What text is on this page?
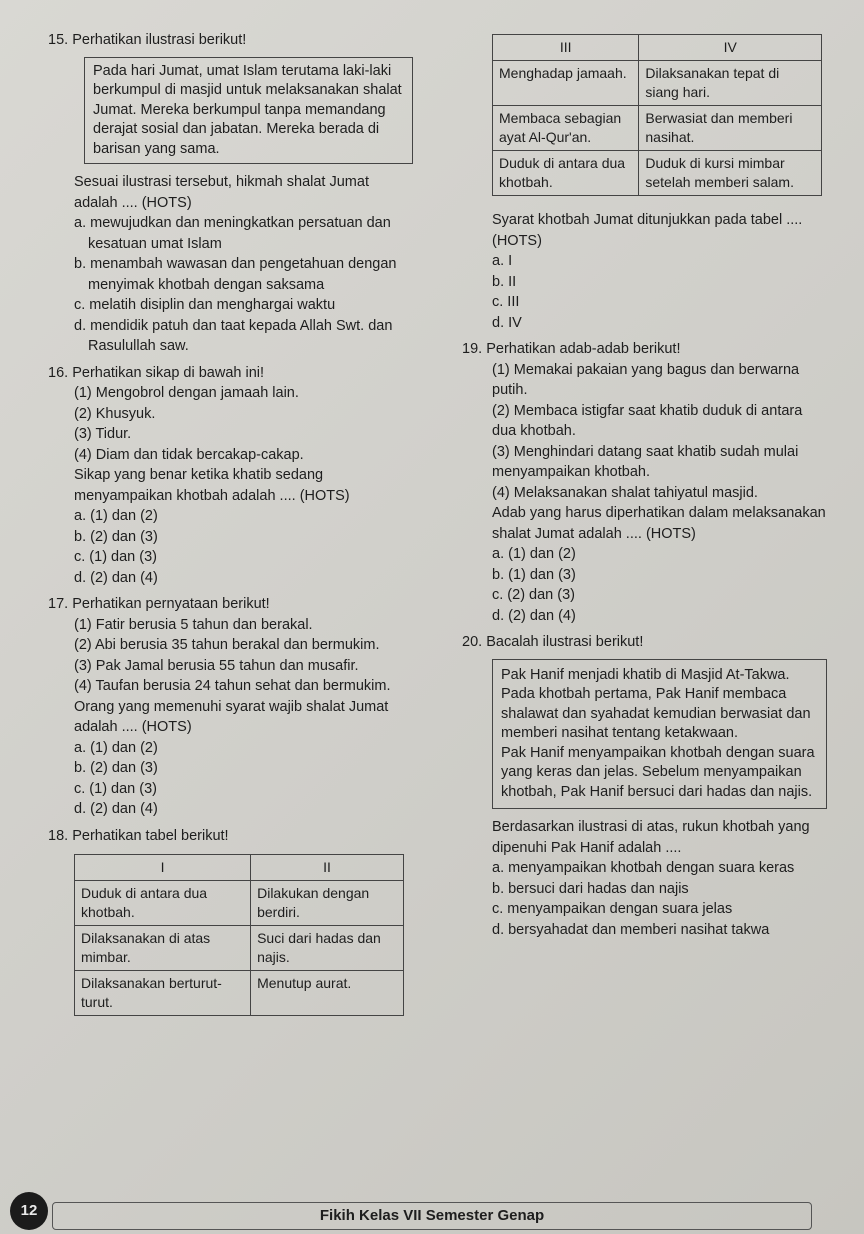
15. Perhatikan ilustrasi berikut!
Pada hari Jumat, umat Islam terutama laki-laki berkumpul di masjid untuk melaksanakan shalat Jumat. Mereka berkumpul tanpa memandang derajat sosial dan jabatan. Mereka berada di barisan yang sama.
Sesuai ilustrasi tersebut, hikmah shalat Jumat adalah .... (HOTS)
a. mewujudkan dan meningkatkan persatuan dan kesatuan umat Islam
b. menambah wawasan dan pengetahuan dengan menyimak khotbah dengan saksama
c. melatih disiplin dan menghargai waktu
d. mendidik patuh dan taat kepada Allah Swt. dan Rasulullah saw.
16. Perhatikan sikap di bawah ini!

(1) Mengobrol dengan jamaah lain.

(2) Khusyuk.

(3) Tidur.

(4) Diam dan tidak bercakap-cakap.

Sikap yang benar ketika khatib sedang menyampaikan khotbah adalah .... (HOTS)
a. (1) dan (2)
b. (2) dan (3)
c. (1) dan (3)
d. (2) dan (4)
17. Perhatikan pernyataan berikut!

(1) Fatir berusia 5 tahun dan berakal.

(2) Abi berusia 35 tahun berakal dan bermukim.

(3) Pak Jamal berusia 55 tahun dan musafir.

(4) Taufan berusia 24 tahun sehat dan bermukim.

Orang yang memenuhi syarat wajib shalat Jumat adalah .... (HOTS)
a. (1) dan (2)
b. (2) dan (3)
c. (1) dan (3)
d. (2) dan (4)
18. Perhatikan tabel berikut!
I	II
Duduk di antara dua khotbah.	Dilakukan dengan berdiri.
Dilaksanakan di atas mimbar.	Suci dari hadas dan najis.
Dilaksanakan berturut-turut.	Menutup aurat.
III	IV
Menghadap jamaah.	Dilaksanakan tepat di siang hari.
Membaca sebagian ayat Al-Qur'an.	Berwasiat dan memberi nasihat.
Duduk di antara dua khotbah.	Duduk di kursi mimbar setelah memberi salam.
Syarat khotbah Jumat ditunjukkan pada tabel .... (HOTS)
a. I
b. II
c. III
d. IV
19. Perhatikan adab-adab berikut!

(1) Memakai pakaian yang bagus dan berwarna putih.

(2) Membaca istigfar saat khatib duduk di antara dua khotbah.

(3) Menghindari datang saat khatib sudah mulai menyampaikan khotbah.

(4) Melaksanakan shalat tahiyatul masjid.

Adab yang harus diperhatikan dalam melaksanakan shalat Jumat adalah .... (HOTS)
a. (1) dan (2)
b. (1) dan (3)
c. (2) dan (3)
d. (2) dan (4)
20. Bacalah ilustrasi berikut!
Pak Hanif menjadi khatib di Masjid At-Takwa. Pada khotbah pertama, Pak Hanif membaca shalawat dan syahadat kemudian berwasiat dan memberi nasihat tentang ketakwaan.
Pak Hanif menyampaikan khotbah dengan suara yang keras dan jelas. Sebelum menyampaikan khotbah, Pak Hanif bersuci dari hadas dan najis.
Berdasarkan ilustrasi di atas, rukun khotbah yang dipenuhi Pak Hanif adalah ....
a. menyampaikan khotbah dengan suara keras
b. bersuci dari hadas dan najis
c. menyampaikan dengan suara jelas
d. bersyahadat dan memberi nasihat takwa
12	Fikih Kelas VII Semester Genap
